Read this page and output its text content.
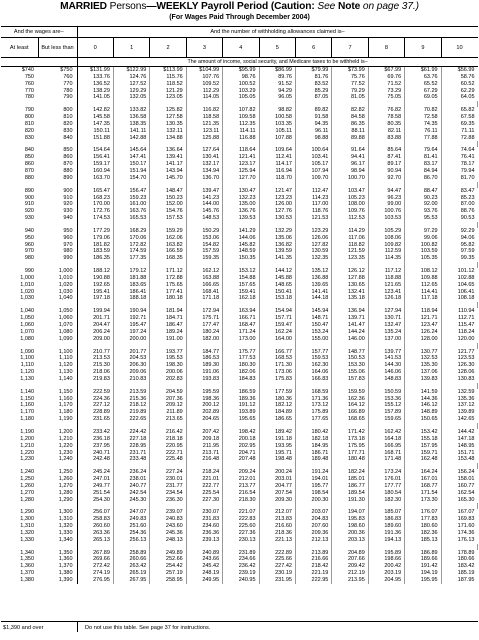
MARRIED Persons—WEEKLY Payroll Period (Caution: See Note on page 37.)
(For Wages Paid Through December 2004)
And the wages are–		And the number of withholding allowances claimed is–										
At least	But less than	0	1	2	3	4	5	6	7	8	9	10
		The amount of income, social security, and Medicare taxes to be withheld is–										
$740	$750	$131.99	$122.99	$113.99	$104.99	$95.99	$86.99	$79.99	$73.99	$67.99	$61.99	$56.99
750	760	133.76	124.76	115.76	107.76	98.76	89.76	81.76	75.76	69.76	63.76	58.76
760	770	136.52	127.52	118.52	109.52	100.52	91.52	83.52	77.52	71.52	65.52	60.52
770	780	138.29	129.29	121.29	112.29	103.29	94.29	85.29	79.29	73.29	67.29	62.29
780	790	141.05	132.05	123.05	114.05	105.05	96.05	87.05	81.05	75.05	69.05	64.05

790	800	142.82	133.82	125.82	116.82	107.82	98.82	89.82	82.82	76.82	70.82	65.82
800	810	145.58	136.58	127.58	118.58	109.58	100.58	91.58	84.58	78.58	72.58	67.58
810	820	147.35	138.35	130.35	121.35	112.35	103.35	94.35	86.35	80.35	74.35	69.35
820	830	150.11	141.11	132.11	123.11	114.11	105.11	96.11	88.11	82.11	76.11	71.11
830	840	151.88	142.88	134.88	125.88	116.88	107.88	98.88	89.88	83.88	77.88	72.88

840	850	154.64	145.64	136.64	127.64	118.64	109.64	100.64	91.64	85.64	79.64	74.64
850	860	156.41	147.41	139.41	130.41	121.41	112.41	103.41	94.41	87.41	81.41	76.41
860	870	159.17	150.17	141.17	132.17	123.17	114.17	105.17	96.17	89.17	83.17	78.17
870	880	160.94	151.94	143.94	134.94	125.94	116.94	107.94	98.94	90.94	84.94	79.94
880	890	163.70	154.70	145.70	136.70	127.70	118.70	109.70	100.70	92.70	86.70	81.70

890	900	165.47	156.47	148.47	139.47	130.47	121.47	112.47	103.47	94.47	88.47	83.47
900	910	168.23	159.23	150.23	141.23	132.23	123.23	114.23	105.23	96.23	90.23	85.23
910	920	170.00	161.00	152.00	144.00	135.00	126.00	117.00	108.00	99.00	92.00	87.00
920	930	172.76	163.76	154.76	145.76	136.76	127.76	118.76	109.76	100.76	93.76	88.76
930	940	174.53	165.53	157.53	148.53	139.53	130.53	121.53	112.53	103.53	95.53	90.53

940	950	177.29	168.29	159.29	150.29	141.29	132.29	123.29	114.29	105.29	97.29	92.29
950	960	179.06	170.06	162.06	153.06	144.06	135.06	126.06	117.06	108.06	99.06	94.06
960	970	181.82	172.82	163.82	154.82	145.82	136.82	127.82	118.82	109.82	100.82	95.82
970	980	183.59	174.59	166.59	157.59	148.59	139.59	130.59	121.59	112.59	103.59	97.59
980	990	186.35	177.35	168.35	159.35	150.35	141.35	132.35	123.35	114.35	105.35	99.35

990	1,000	188.12	179.12	171.12	162.12	153.12	144.12	135.12	126.12	117.12	108.12	101.12
1,000	1,010	190.88	181.88	172.88	163.88	154.88	145.88	136.88	127.88	118.88	109.88	102.88
1,010	1,020	192.65	183.65	175.65	166.65	157.65	148.65	139.65	130.65	121.65	112.65	104.65
1,020	1,030	195.41	186.41	177.41	168.41	159.41	150.41	141.41	132.41	123.41	114.41	106.41
1,030	1,040	197.18	188.18	180.18	171.18	162.18	153.18	144.18	135.18	126.18	117.18	108.18

1,040	1,050	199.94	190.94	181.94	172.94	163.94	154.94	145.94	136.94	127.94	118.94	110.94
1,050	1,060	201.71	192.71	184.71	175.71	166.71	157.71	148.71	139.71	130.71	121.71	112.71
1,060	1,070	204.47	195.47	186.47	177.47	168.47	159.47	150.47	141.47	132.47	123.47	115.47
1,070	1,080	206.24	197.24	189.24	180.24	171.24	162.24	153.24	144.24	135.24	126.24	118.24
1,080	1,090	209.00	200.00	191.00	182.00	173.00	164.00	155.00	146.00	137.00	128.00	120.00

1,090	1,100	210.77	201.77	193.77	184.77	175.77	166.77	157.77	148.77	139.77	130.77	121.77
1,100	1,110	213.53	204.53	195.53	186.53	177.53	168.53	159.53	150.53	141.53	132.53	123.53
1,110	1,120	215.30	206.30	198.30	189.30	180.30	171.30	162.30	153.30	144.30	135.30	126.30
1,120	1,130	218.06	209.06	200.06	191.06	182.06	173.06	164.06	155.06	146.06	137.06	128.06
1,130	1,140	219.83	210.83	202.83	193.83	184.83	175.83	166.83	157.83	148.83	139.83	130.83

1,140	1,150	222.59	213.59	204.59	195.59	186.59	177.59	168.59	159.59	150.59	141.59	132.59
1,150	1,160	224.36	215.36	207.36	198.36	189.36	180.36	171.36	162.36	153.36	144.36	135.36
1,160	1,170	227.12	218.12	209.12	200.12	191.12	182.12	173.12	164.12	155.12	146.12	137.12
1,170	1,180	228.89	219.89	211.89	202.89	193.89	184.89	175.89	166.89	157.89	148.89	139.89
1,180	1,190	231.65	222.65	213.65	204.65	195.65	186.65	177.65	168.65	159.65	150.65	142.65

1,190	1,200	233.42	224.42	216.42	207.42	198.42	189.42	180.42	171.42	162.42	153.42	144.42
1,200	1,210	236.18	227.18	218.18	209.18	200.18	191.18	182.18	173.18	164.18	155.18	147.18
1,210	1,220	237.95	228.95	220.95	211.95	202.95	193.95	184.95	175.95	166.95	157.95	148.95
1,220	1,230	240.71	231.71	222.71	213.71	204.71	195.71	186.71	177.71	168.71	159.71	151.71
1,230	1,240	242.48	233.48	225.48	216.48	207.48	198.48	189.48	180.48	171.48	162.48	153.48

1,240	1,250	245.24	236.24	227.24	218.24	209.24	200.24	191.24	182.24	173.24	164.24	156.24
1,250	1,260	247.01	238.01	230.01	221.01	212.01	203.01	194.01	185.01	176.01	167.01	158.01
1,260	1,270	249.77	240.77	231.77	222.77	213.77	204.77	195.77	186.77	177.77	168.77	160.77
1,270	1,280	251.54	242.54	234.54	225.54	216.54	207.54	198.54	189.54	180.54	171.54	162.54
1,280	1,290	254.30	245.30	236.30	227.30	218.30	209.30	200.30	191.30	182.30	173.30	165.30

1,290	1,300	256.07	247.07	239.07	230.07	221.07	212.07	203.07	194.07	185.07	176.07	167.07
1,300	1,310	258.83	249.83	240.83	231.83	222.83	213.83	204.83	195.83	186.83	177.83	169.83
1,310	1,320	260.60	251.60	243.60	234.60	225.60	216.60	207.60	198.60	189.60	180.60	171.60
1,320	1,330	263.36	254.36	245.36	236.36	227.36	218.36	209.36	200.36	191.36	182.36	174.36
1,330	1,340	265.13	256.13	248.13	239.13	230.13	221.13	212.13	203.13	194.13	185.13	176.13

1,340	1,350	267.89	258.89	249.89	240.89	231.89	222.89	213.89	204.89	195.89	186.89	178.89
1,350	1,360	269.66	260.66	252.66	243.66	234.66	225.66	216.66	207.66	198.66	189.66	180.66
1,360	1,370	272.42	263.42	254.42	245.42	236.42	227.42	218.42	209.42	200.42	191.42	183.42
1,370	1,380	274.19	265.19	257.19	248.19	239.19	230.19	221.19	212.19	203.19	194.19	185.19
1,380	1,390	276.95	267.95	258.95	249.95	240.95	231.95	222.95	213.95	204.95	195.95	187.95
$1,390 and over	Do not use this table. See page 37 for instructions.
